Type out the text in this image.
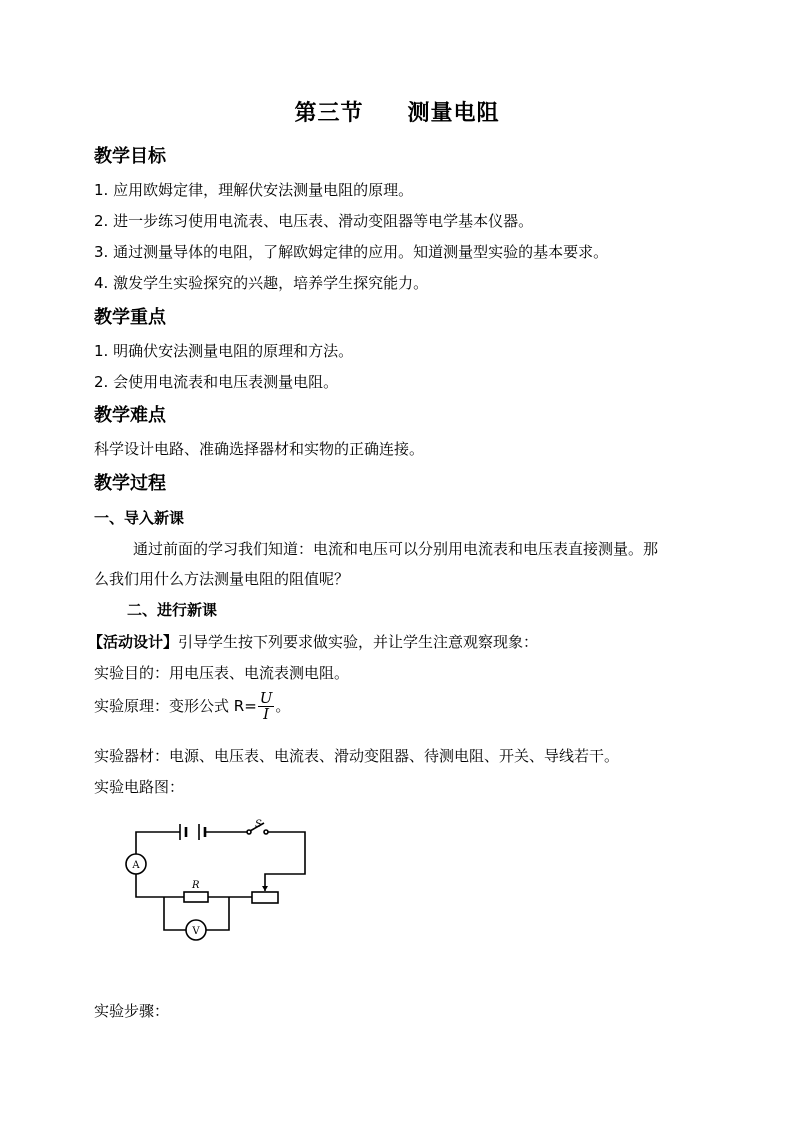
第三节 测量电阻
教学目标
1. 应用欧姆定律，理解伏安法测量电阻的原理。
2. 进一步练习使用电流表、电压表、滑动变阻器等电学基本仪器。
3. 通过测量导体的电阻，了解欧姆定律的应用。知道测量型实验的基本要求。
4. 激发学生实验探究的兴趣，培养学生探究能力。
教学重点
1. 明确伏安法测量电阻的原理和方法。
2. 会使用电流表和电压表测量电阻。
教学难点
科学设计电路、准确选择器材和实物的正确连接。
教学过程
一、导入新课
通过前面的学习我们知道：电流和电压可以分别用电流表和电压表直接测量。那
么我们用什么方法测量电阻的阻值呢？
二、进行新课
【活动设计】引导学生按下列要求做实验，并让学生注意观察现象：
实验目的：用电压表、电流表测电阻。
实验原理：变形公式 $R= \frac{U}{I}$ 。
实验器材：电源、电压表、电流表、滑动变阻器、待测电阻、开关、导线若干。
实验电路图：
S
R
A
V
实验步骤：
